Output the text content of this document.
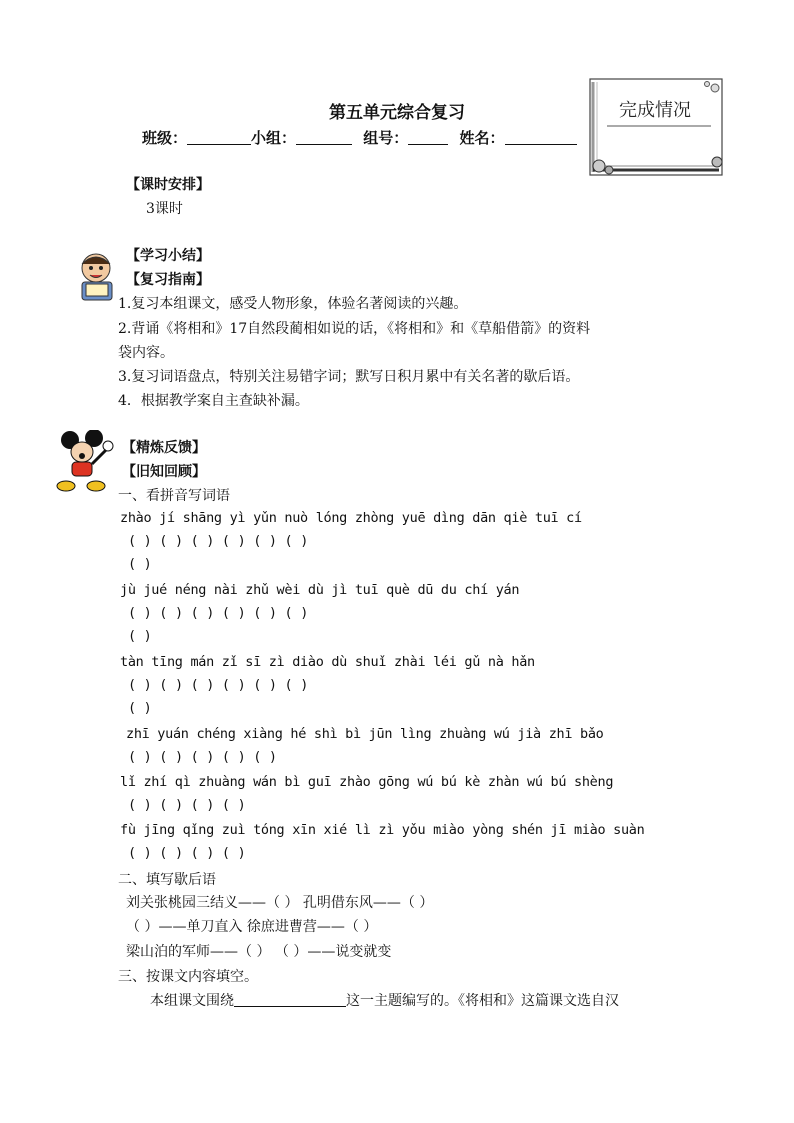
第五单元综合复习
班级：	小组：	组号：	姓名：
完成情况
【课时安排】
3课时
【学习小结】
【复习指南】
1.复习本组课文，感受人物形象，体验名著阅读的兴趣。
2.背诵《将相和》17自然段蔺相如说的话，《将相和》和《草船借箭》的资料
袋内容。
3.复习词语盘点，特别关注易错字词；默写日积月累中有关名著的歇后语。
4．根据教学案自主查缺补漏。
【精炼反馈】
【旧知回顾】
一、看拼音写词语
zhào jí shāng yì yǔn nuò lóng zhòng yuē dìng dān qiè tuī cí
( ) ( ) ( ) ( ) ( ) ( )
( )
jù jué néng nài zhǔ wèi dù jì tuī què dū du chí yán
( ) ( ) ( ) ( ) ( ) ( )
( )
tàn tīng mán zǐ sī zì diào dù shuǐ zhài léi gǔ nà hǎn
( ) ( ) ( ) ( ) ( ) ( )
( )
zhī yuán chéng xiàng hé shì bì jūn lìng zhuàng wú jià zhī bǎo
( ) ( ) ( ) ( ) ( )
lǐ zhí qì zhuàng wán bì guī zhào gōng wú bú kè zhàn wú bú shèng
( ) ( ) ( ) ( )
fù jīng qǐng zuì tóng xīn xié lì zì yǒu miào yòng shén jī miào suàn
( ) ( ) ( ) ( )
二、填写歇后语
刘关张桃园三结义——（ ） 孔明借东风——（ ）
（ ）——单刀直入 徐庶进曹营——（ ）
梁山泊的军师——（ ） （ ）——说变就变
三、按课文内容填空。
本组课文围绕	这一主题编写的。《将相和》这篇课文选自汉
